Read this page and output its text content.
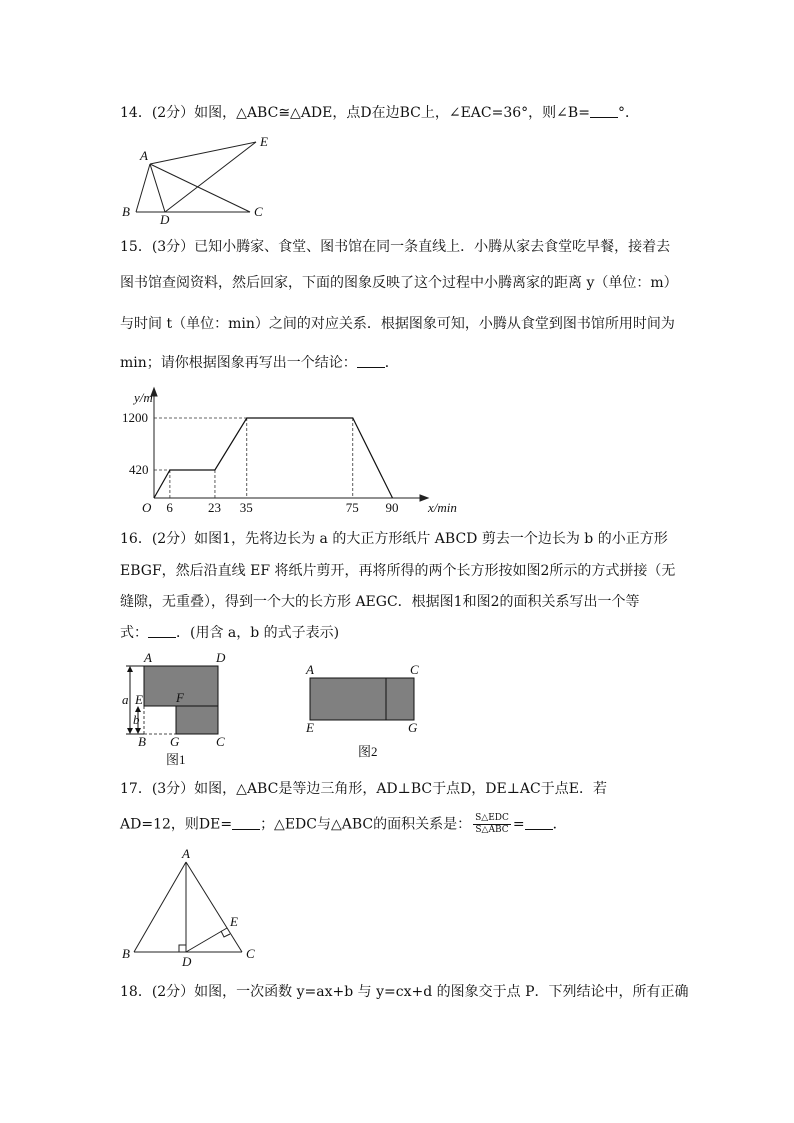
14．(2分）如图，△ABC≅△ADE，点D在边BC上，∠EAC=36°，则∠B= °．
A
B	C
D
E
15．(3分）已知小腾家、食堂、图书馆在同一条直线上．小腾从家去食堂吃早餐，接着去
图书馆查阅资料，然后回家，下面的图象反映了这个过程中小腾离家的距离 y（单位：m）
与时间 t（单位：min）之间的对应关系．根据图象可知，小腾从食堂到图书馆所用时间为
min；请你根据图象再写出一个结论： ．
6	23 35	75 90
420
1200
y/m
x/min
O
16．(2分）如图1，先将边长为 a 的大正方形纸片 ABCD 剪去一个边长为 b 的小正方形
EBGF，然后沿直线 EF 将纸片剪开，再将所得的两个长方形按如图2所示的方式拼接（无
缝隙，无重叠），得到一个大的长方形 AEGC．根据图1和图2的面积关系写出一个等
式： ．(用含 a，b 的式子表示)
A	D
E	F
B G	C
a
b
图1
A	C
E	G
图2
17．(3分）如图，△ABC是等边三角形，AD⊥BC于点D，DE⊥AC于点E．若
AD=12，则DE= ；△EDC与△ABC的面积关系是： $\frac{\text{S△EDC}}{\text{S△ABC}}$ = ．
A
B	C
D
E
18．(2分）如图，一次函数 y=ax+b 与 y=cx+d 的图象交于点 P．下列结论中，所有正确
